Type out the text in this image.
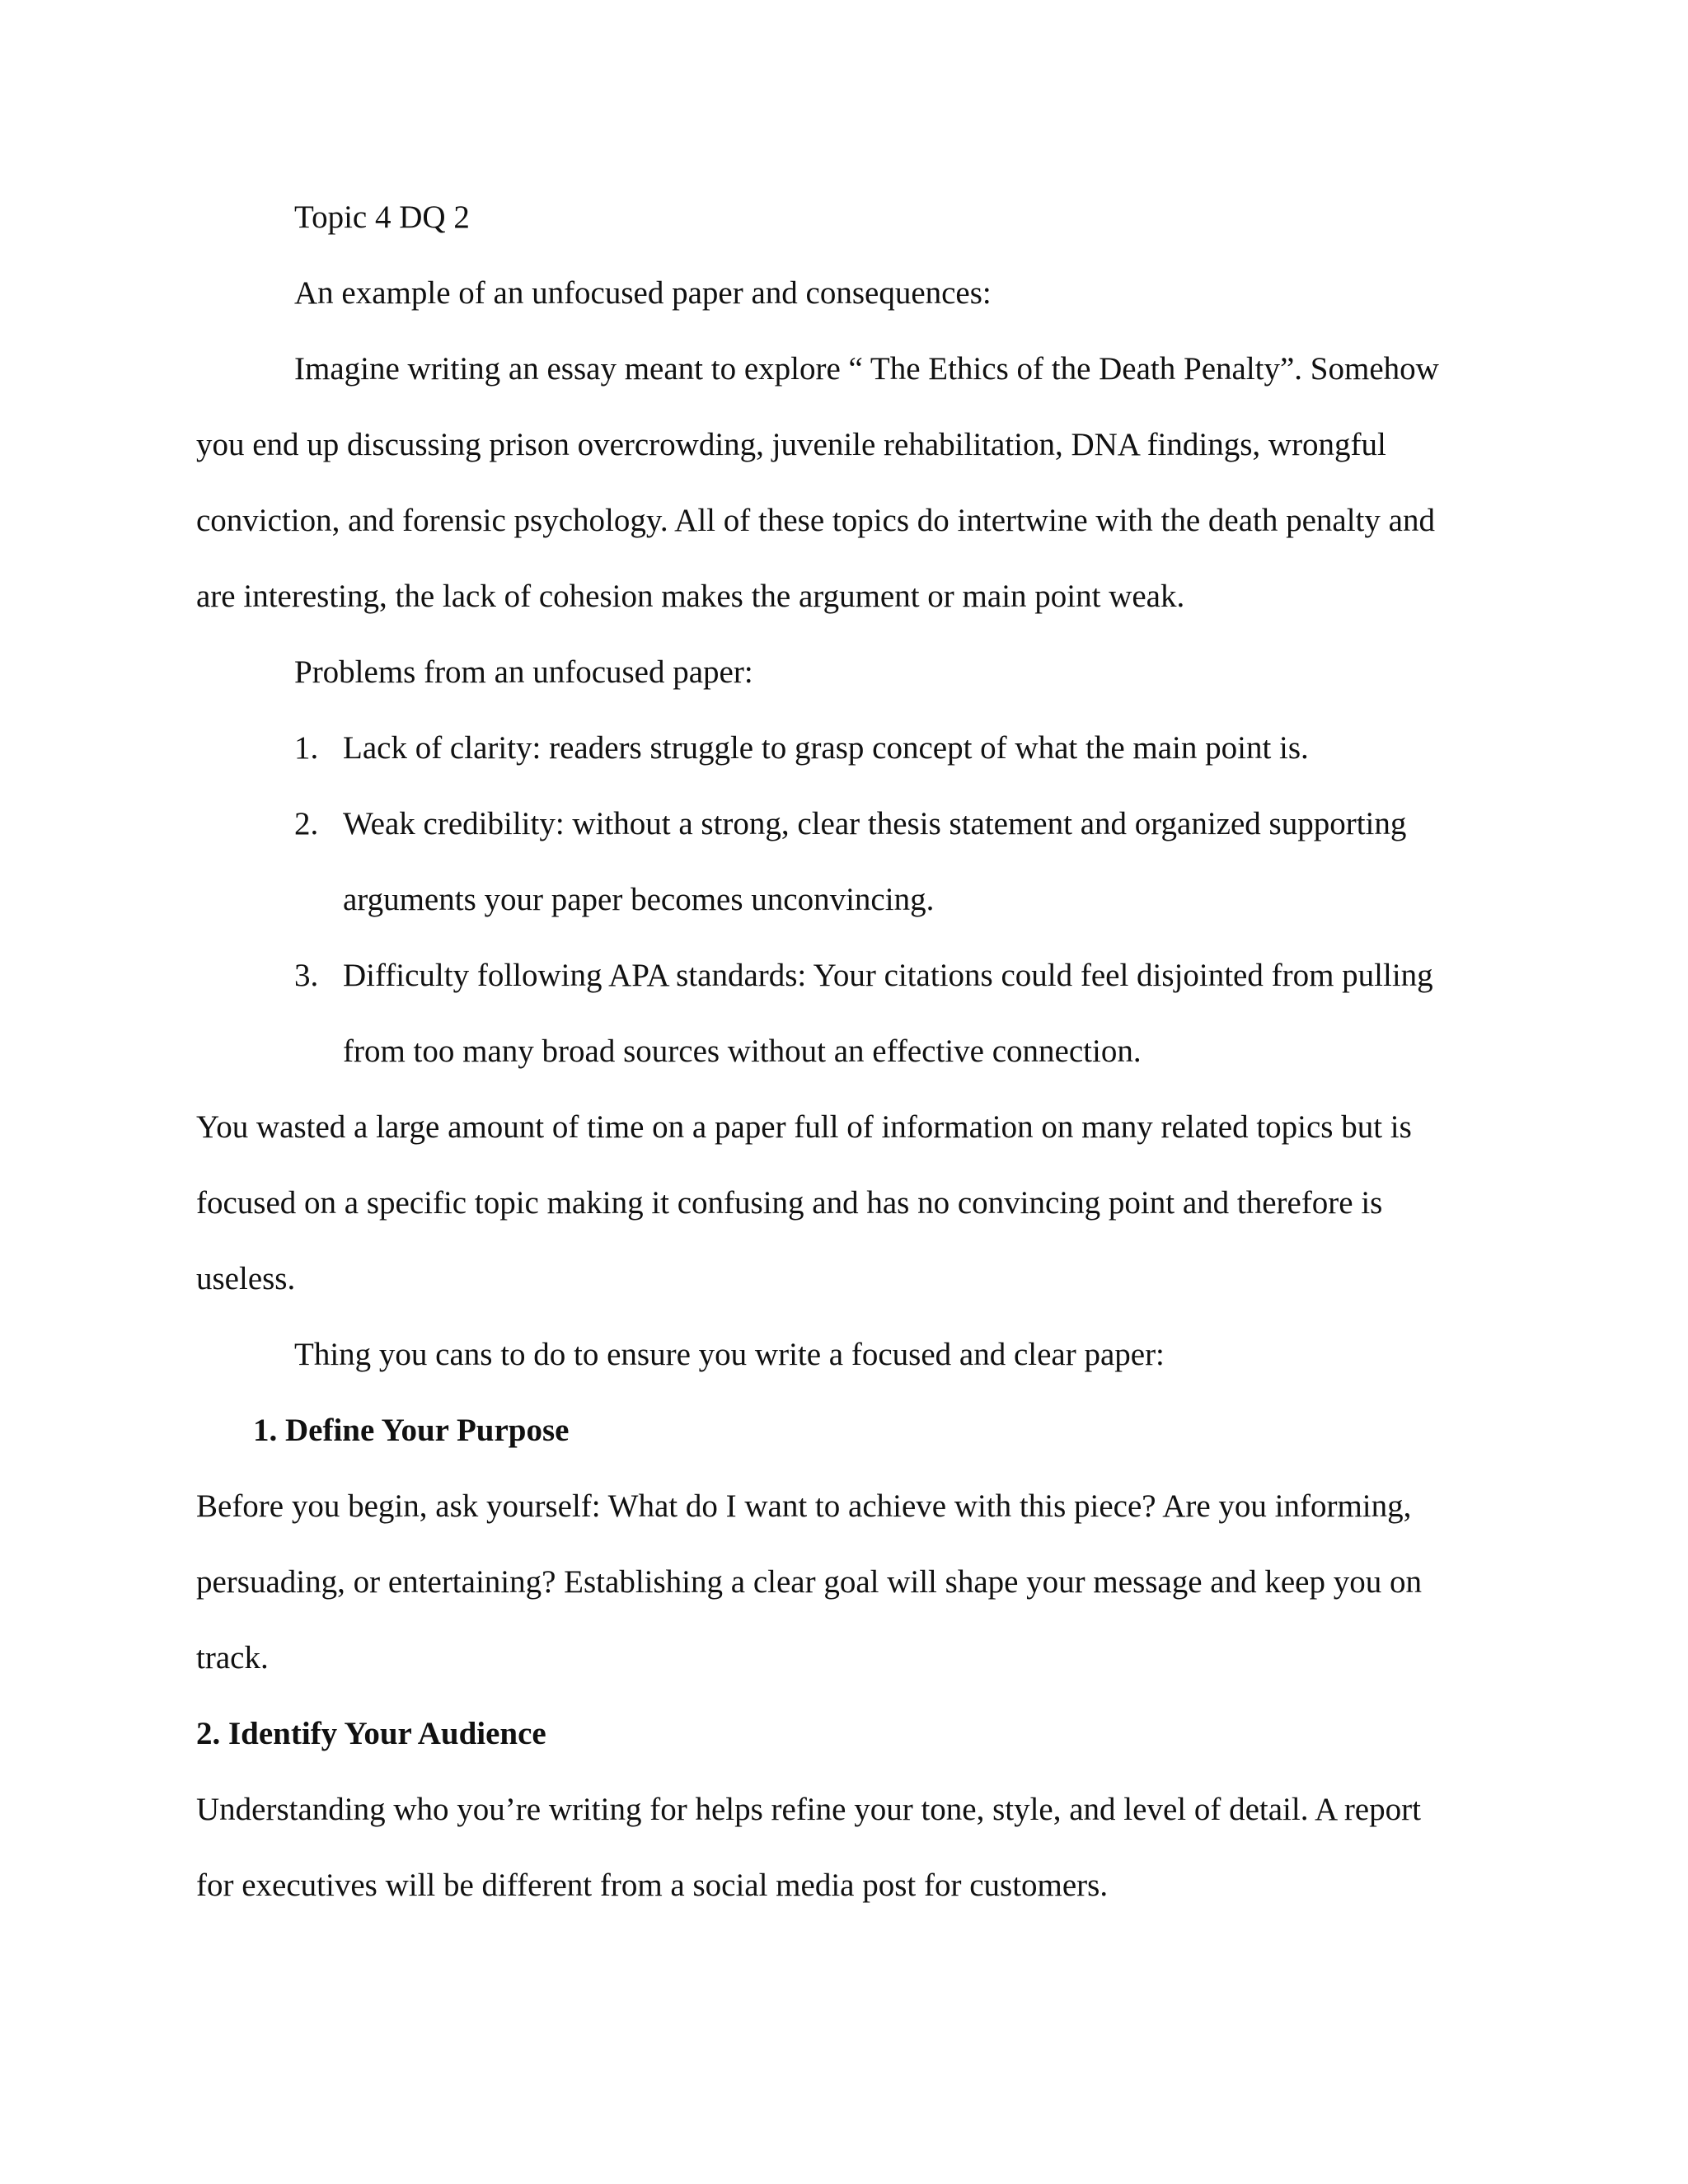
Topic 4 DQ 2
An example of an unfocused paper and consequences:
Imagine writing an essay meant to explore “ The Ethics of the Death Penalty”. Somehow
you end up discussing prison overcrowding, juvenile rehabilitation, DNA findings, wrongful
conviction, and forensic psychology. All of these topics do intertwine with the death penalty and
are interesting, the lack of cohesion makes the argument or main point weak.
Problems from an unfocused paper:
1. Lack of clarity: readers struggle to grasp concept of what the main point is.
2. Weak credibility: without a strong, clear thesis statement and organized supporting
arguments your paper becomes unconvincing.
3. Difficulty following APA standards: Your citations could feel disjointed from pulling
from too many broad sources without an effective connection.
You wasted a large amount of time on a paper full of information on many related topics but is
focused on a specific topic making it confusing and has no convincing point and therefore is
useless.
Thing you cans to do to ensure you write a focused and clear paper:
1. Define Your Purpose
Before you begin, ask yourself: What do I want to achieve with this piece? Are you informing,
persuading, or entertaining? Establishing a clear goal will shape your message and keep you on
track.
2. Identify Your Audience
Understanding who you’re writing for helps refine your tone, style, and level of detail. A report
for executives will be different from a social media post for customers.
